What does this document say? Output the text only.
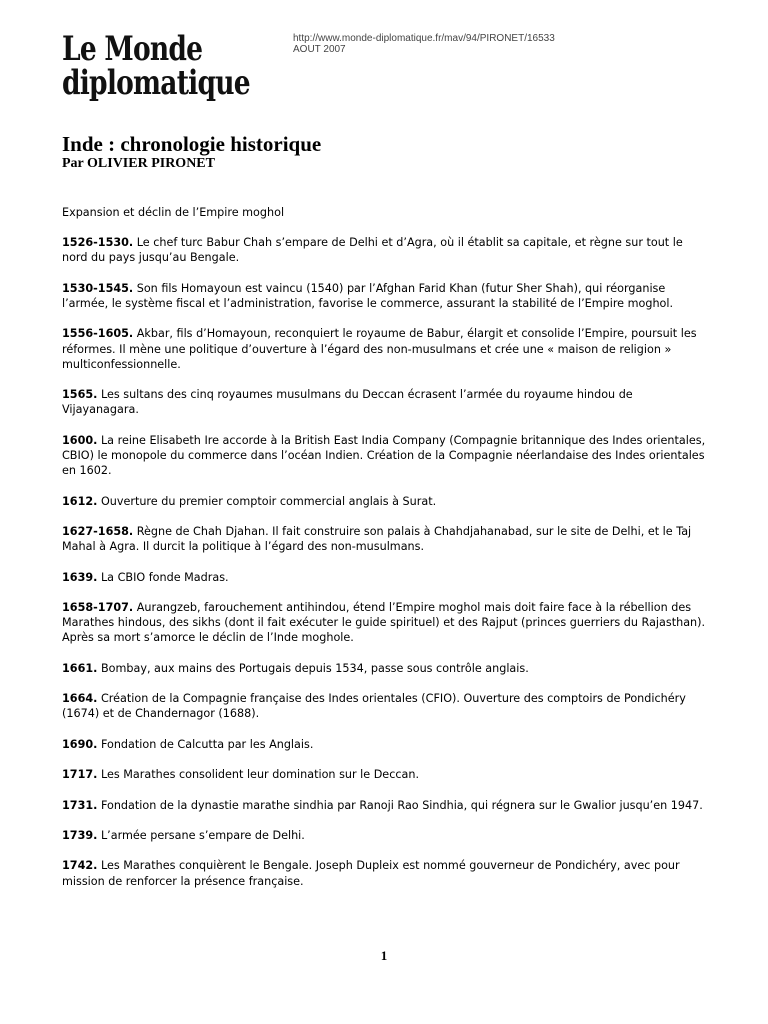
Le Monde
diplomatique
http://www.monde-diplomatique.fr/mav/94/PIRONET/16533
AOUT 2007
Inde : chronologie historique
Par OLIVIER PIRONET

Expansion et déclin de l’Empire moghol

1526-1530. Le chef turc Babur Chah s’empare de Delhi et d’Agra, où il établit sa capitale, et règne sur tout le nord du pays jusqu’au Bengale.

1530-1545. Son fils Homayoun est vaincu (1540) par l’Afghan Farid Khan (futur Sher Shah), qui réorganise l’armée, le système fiscal et l’administration, favorise le commerce, assurant la stabilité de l’Empire moghol.

1556-1605. Akbar, fils d’Homayoun, reconquiert le royaume de Babur, élargit et consolide l’Empire, poursuit les réformes. Il mène une politique d’ouverture à l’égard des non-musulmans et crée une « maison de religion » multiconfessionnelle.

1565. Les sultans des cinq royaumes musulmans du Deccan écrasent l’armée du royaume hindou de Vijayanagara.

1600. La reine Elisabeth Ire accorde à la British East India Company (Compagnie britannique des Indes orientales, CBIO) le monopole du commerce dans l’océan Indien. Création de la Compagnie néerlandaise des Indes orientales en 1602.

1612. Ouverture du premier comptoir commercial anglais à Surat.

1627-1658. Règne de Chah Djahan. Il fait construire son palais à Chahdjahanabad, sur le site de Delhi, et le Taj Mahal à Agra. Il durcit la politique à l’égard des non-musulmans.

1639. La CBIO fonde Madras.

1658-1707. Aurangzeb, farouchement antihindou, étend l’Empire moghol mais doit faire face à la rébellion des Marathes hindous, des sikhs (dont il fait exécuter le guide spirituel) et des Rajput (princes guerriers du Rajasthan). Après sa mort s’amorce le déclin de l’Inde moghole.

1661. Bombay, aux mains des Portugais depuis 1534, passe sous contrôle anglais.

1664. Création de la Compagnie française des Indes orientales (CFIO). Ouverture des comptoirs de Pondichéry (1674) et de Chandernagor (1688).

1690. Fondation de Calcutta par les Anglais.

1717. Les Marathes consolident leur domination sur le Deccan.

1731. Fondation de la dynastie marathe sindhia par Ranoji Rao Sindhia, qui régnera sur le Gwalior jusqu’en 1947.

1739. L’armée persane s’empare de Delhi.

1742. Les Marathes conquièrent le Bengale. Joseph Dupleix est nommé gouverneur de Pondichéry, avec pour mission de renforcer la présence française.

1
